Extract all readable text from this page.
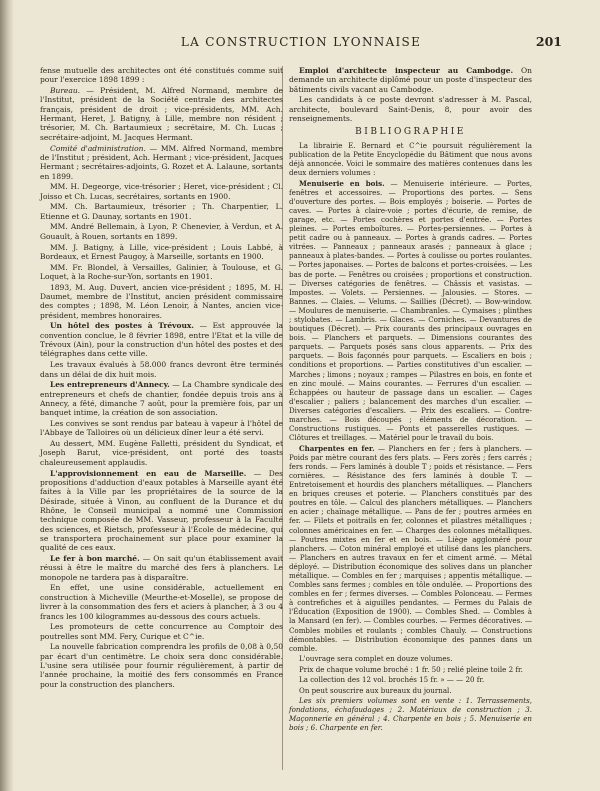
LA CONSTRUCTION LYONNAISE	201

fense mutuelle des architectes ont été constitués comme suit pour l'exercice 1898 1899 :

Bureau. — Président, M. Alfred Normand, membre de l'Institut, président de la Société centrale des architectes français, président de droit ; vice-présidents, MM. Ach. Hermant, Heret, J. Batigny, à Lille, membre non résident ; trésorier, M. Ch. Bartaumieux ; secrétaire, M. Ch. Lucas ; secrétaire-adjoint, M. Jacques Hermant.

Comité d'administration. — MM. Alfred Normand, membre de l'Institut ; président, Ach. Hermant ; vice-président, Jacques Hermant ; secrétaires-adjoints, G. Rozet et A. Lalaune, sortants en 1899.

MM. H. Degeorge, vice-trésorier ; Heret, vice-président ; Cl. Joisso et Ch. Lucas, secrétaires, sortants en 1900.

MM. Ch. Bartaumieux, trésorier ; Th. Charpentier, L. Etienne et G. Daunay, sortants en 1901.

MM. André Bellemain, à Lyon, P. Chenevier, à Verdun, et A. Gouault, à Rouen, sortants en 1899.

MM. J. Batigny, à Lille, vice-président ; Louis Labbé, à Bordeaux, et Ernest Paugoy, à Marseille, sortants en 1900.

MM. Fr. Blondel, à Versailles, Galinier, à Toulouse, et G. Loquet, à la Roche-sur-Yon, sortants en 1901.

1893, M. Aug. Duvert, ancien vice-président ; 1895, M. H. Daumet, membre de l'Institut, ancien président commissaire des comptes ; 1898, M. Léon Lenoir, à Nantes, ancien vice-président, membres honoraires.

Un hôtel des postes à Trévoux. — Est approuvée la convention conclue, le 8 février 1898, entre l'Etat et la ville de Trévoux (Ain), pour la construction d'un hôtel des postes et des télégraphes dans cette ville.

Les travaux évalués à 58.000 francs devront être terminés dans un délai de dix huit mois.

Les entrepreneurs d'Annecy. — La Chambre syndicale des entrepreneurs et chefs de chantier, fondée depuis trois ans à Annecy, a fêté, dimanche 7 août, pour la première fois, par un banquet intime, la création de son association.

Les convives se sont rendus par bateau à vapeur à l'hôtel de l'Abbaye de Talloires où un délicieux dîner leur a été servi.

Au dessert, MM. Eugène Falletti, président du Syndicat, et Joseph Barut, vice-président, ont porté des toasts chaleureusement applaudis.

L'approvisionnement en eau de Marseille. — Des propositions d'adduction d'eaux potables à Marseille ayant été faites à la Ville par les propriétaires de la source de la Désirade, située à Vinon, au confluent de la Durance et du Rhône, le Conseil municipal a nommé une Commission technique composée de MM. Vasseur, professeur à la Faculté des sciences, et Rietsch, professeur à l'École de médecine, qui se transportera prochainement sur place pour examiner la qualité de ces eaux.

Le fer à bon marché. — On sait qu'un établissement avait réussi à être le maître du marché des fers à planchers. Le monopole ne tardera pas à disparaître.

En effet, une usine considérable, actuellement en construction à Micheville (Meurthe-et-Moselle), se propose de livrer à la consommation des fers et aciers à plancher, à 3 ou 4 francs les 100 kilogrammes au-dessous des cours actuels.

Les promoteurs de cette concurrence au Comptoir des poutrelles sont MM. Fery, Curique et C^ie.

La nouvelle fabrication comprendra les profils de 0,08 à 0,50 par écart d'un centimètre. Le choix sera donc considérable. L'usine sera utilisée pour fournir régulièrement, à partir de l'année prochaine, la moitié des fers consommés en France pour la construction des planchers.

Emploi d'architecte inspecteur au Cambodge. On demande un architecte diplômé pour un poste d'inspecteur des bâtiments civils vacant au Cambodge.

Les candidats à ce poste devront s'adresser à M. Pascal, architecte, boulevard Saint-Denis, 8, pour avoir des renseignements.

BIBLIOGRAPHIE

La librairie E. Bernard et C^ie poursuit régulièrement la publication de la Petite Encyclopédie du Bâtiment que nous avons déjà annoncée. Voici le sommaire des matières contenues dans les deux derniers volumes :

Menuiserie en bois. — Menuiserie intérieure. — Portes, fenêtres et accessoires. — Proportions des portes. — Sens d'ouverture des portes. — Bois employés ; boiserie. — Portes de caves. — Portes à claire-voie ; portes d'écurie, de remise, de garage, etc. — Portes cochères et portes d'entrée. — Portes pleines. — Portes emboîtures. — Portes-persiennes. — Portes à petit cadre ou à panneaux. — Portes à grands cadres. — Portes vitrées. — Panneaux ; panneaux arasés ; panneaux à glace ; panneaux à plates-bandes. — Portes à coulisse ou portes roulantes. — Portes japonaises. — Portes de balcons et portes-croisées. — Les bas de porte. — Fenêtres ou croisées ; proportions et construction. — Diverses catégories de fenêtres. — Châssis et vasistas. — Impostes. — Volets. — Persiennes. — Jalousies. — Stores. — Bannes. — Claies. — Velums. — Saillies (Décret). — Bow-window. — Moulures de menuiserie. — Chambranles. — Cymaises ; plinthes ; stylobates. — Lambris. — Glaces. — Corniches. — Devantures de boutiques (Décret). — Prix courants des principaux ouvrages en bois. — Planchers et parquets. — Dimensions courantes des parquets. — Parquets posés sans clous apparents. — Prix des parquets. — Bois façonnés pour parquets. — Escaliers en bois ; conditions et proportions. — Parties constitutives d'un escalier. — Marches ; limons ; noyaux ; rampes — Pilastres en bois, en fonte et en zinc moulé. — Mains courantes. — Ferrures d'un escalier. — Échappées ou hauteur de passage dans un escalier. — Cages d'escalier ; paliers ; balancement des marches d'un escalier. — Diverses catégories d'escaliers. — Prix des escaliers. — Contre-marches. — Bois découpés ; éléments de décoration. — Constructions rustiques. — Ponts et passerelles rustiques. — Clôtures et treillages. — Matériel pour le travail du bois.

Charpentes en fer. — Planchers en fer ; fers à planchers. — Poids par mètre courant des fers plats. — Fers zorès ; fers carrés ; fers ronds. — Fers laminés à double T ; poids et résistance. — Fers cornières. — Résistance des fers laminés à double T. — Entretoisement et hourdis des planchers métalliques. — Planchers en briques creuses et poterie. — Planchers constitués par des poutres en tôle. — Calcul des planchers métalliques. — Planchers en acier ; chaînage métallique. — Pans de fer ; poutres armées en fer. — Filets et poitrails en fer, colonnes et pilastres métalliques ; colonnes américaines en fer. — Charges des colonnes métalliques. — Poutres mixtes en fer et en bois. — Liège aggloméré pour planchers. — Coton minéral employé et utilisé dans les planchers. — Planchers en autres travaux en fer et ciment armé. — Métal déployé. — Distribution économique des solives dans un plancher métallique. — Combles en fer ; marquises ; appentis métallique. — Combles sans fermes ; combles en tôle ondulée. — Proportions des combles en fer ; fermes diverses. — Combles Polonceau. — Fermes à contrefiches et à aiguilles pendantes. — Fermes du Palais de l'Éducation (Exposition de 1900). — Combles Shed. — Combles à la Mansard (en fer). — Combles courbes. — Fermes décoratives. — Combles mobiles et roulants ; combles Chauly. — Constructions démontables. — Distribution économique des pannes dans un comble.

L'ouvrage sera complet en douze volumes.

Prix de chaque volume broché : 1 fr. 50 ; relié pleine toile 2 fr.

La collection des 12 vol. brochés 15 fr. » — — 20 fr.

On peut souscrire aux bureaux du journal.

Les six premiers volumes sont en vente : 1. Terrassements, fondations, échafaudages ; 2. Matériaux de construction ; 3. Maçonnerie en général ; 4. Charpente en bois ; 5. Menuiserie en bois ; 6. Charpente en fer.
